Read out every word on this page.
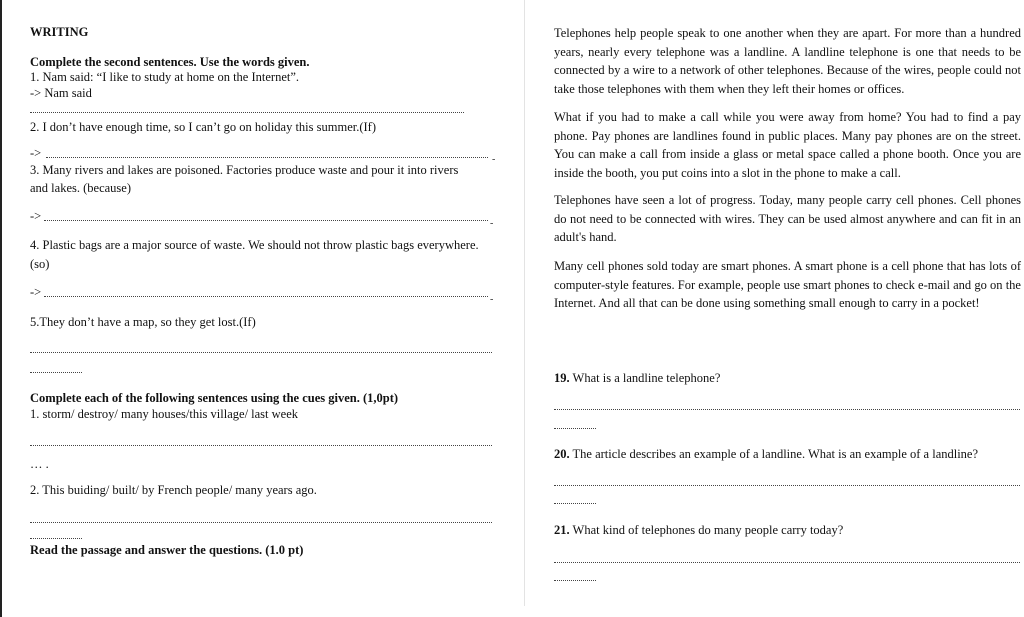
WRITING
Complete the second sentences. Use the words given.
1. Nam said: “I like to study at home on the Internet”.
-> Nam said
2. I don’t have enough time, so I can’t go on holiday this summer.(If)
->	-
3. Many rivers and lakes are poisoned. Factories produce waste and pour it into rivers
and lakes. (because)
->
-
4. Plastic bags are a major source of waste. We should not throw plastic bags everywhere.
(so)
->
-
5.They don’t have a map, so they get lost.(If)
Complete each of the following sentences using the cues given. (1,0pt)
1. storm/ destroy/ many houses/this village/ last week
… .
2. This buiding/ built/ by French people/ many years ago.
Read the passage and answer the questions. (1.0 pt)
Telephones help people speak to one another when they are apart. For more than a hundred years, nearly every telephone was a landline. A landline telephone is one that needs to be connected by a wire to a network of other telephones. Because of the wires, people could not take those telephones with them when they left their homes or offices.
What if you had to make a call while you were away from home? You had to find a pay phone. Pay phones are landlines found in public places. Many pay phones are on the street. You can make a call from inside a glass or metal space called a phone booth. Once you are inside the booth, you put coins into a slot in the phone to make a call.
Telephones have seen a lot of progress. Today, many people carry cell phones. Cell phones do not need to be connected with wires. They can be used almost anywhere and can fit in an adult's hand.
Many cell phones sold today are smart phones. A smart phone is a cell phone that has lots of computer-style features. For example, people use smart phones to check e-mail and go on the Internet. And all that can be done using something small enough to carry in a pocket!
19. What is a landline telephone?
20. The article describes an example of a landline. What is an example of a landline?
21. What kind of telephones do many people carry today?
